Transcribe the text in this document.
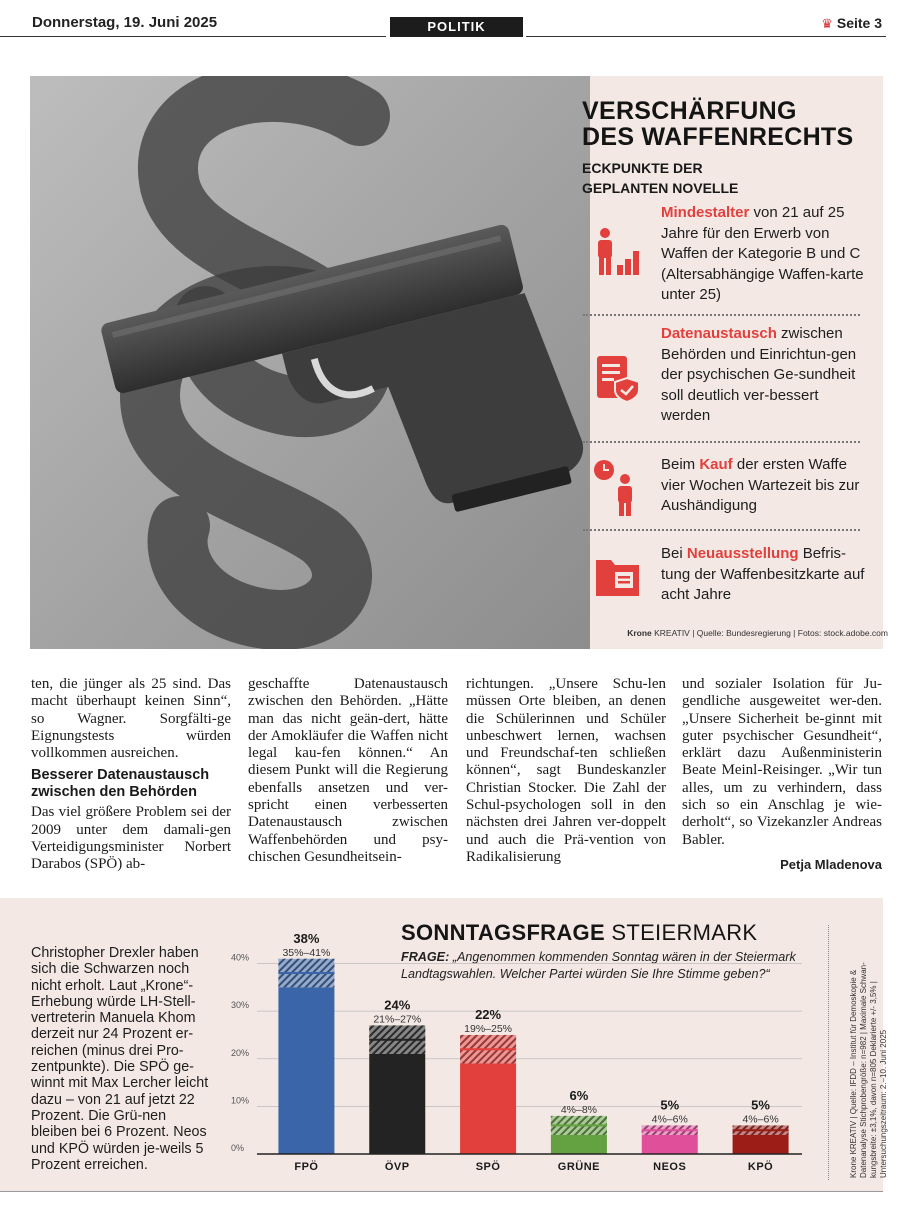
Donnerstag, 19. Juni 2025	POLITIK	♛ Seite 3
VERSCHÄRFUNG
DES WAFFENRECHTS
ECKPUNKTE DER
GEPLANTEN NOVELLE
Mindestalter von 21 auf 25 Jahre für den Erwerb von Waffen der Kategorie B und C (Altersabhängige Waffen-karte unter 25)
Datenaustausch zwischen Behörden und Einrichtun-gen der psychischen Ge-sundheit soll deutlich ver-bessert werden
Beim Kauf der ersten Waffe vier Wochen Wartezeit bis zur Aushändigung
Bei Neuausstellung Befris-tung der Waffenbesitzkarte auf acht Jahre
Krone KREATIV | Quelle: Bundesregierung | Fotos: stock.adobe.com

ten, die jünger als 25 sind. Das macht überhaupt keinen Sinn“, so Wagner. Sorgfälti-ge Eignungstests würden vollkommen ausreichen.

Besserer Datenaustausch zwischen den Behörden

Das viel größere Problem sei der 2009 unter dem damali-gen Verteidigungsminister Norbert Darabos (SPÖ) ab-

geschaffte Datenaustausch zwischen den Behörden. „Hätte man das nicht geän-dert, hätte der Amokläufer die Waffen nicht legal kau-fen können.“ An diesem Punkt will die Regierung ebenfalls ansetzen und ver-spricht einen verbesserten Datenaustausch zwischen Waffenbehörden und psy-chischen Gesundheitsein-

richtungen. „Unsere Schu-len müssen Orte bleiben, an denen die Schülerinnen und Schüler unbeschwert lernen, wachsen und Freundschaf-ten schließen können“, sagt Bundeskanzler Christian Stocker. Die Zahl der Schul-psychologen soll in den nächsten drei Jahren ver-doppelt und auch die Prä-vention von Radikalisierung

und sozialer Isolation für Ju-gendliche ausgeweitet wer-den. „Unsere Sicherheit be-ginnt mit guter psychischer Gesundheit“, erklärt dazu Außenministerin Beate Meinl-Reisinger. „Wir tun alles, um zu verhindern, dass sich so ein Anschlag je wie-derholt“, so Vizekanzler Andreas Babler.

Petja Mladenova
Christopher Drexler haben sich die Schwarzen noch nicht erholt. Laut „Krone“-Erhebung würde LH-Stell-vertreterin Manuela Khom derzeit nur 24 Prozent er-reichen (minus drei Pro-zentpunkte). Die SPÖ ge-winnt mit Max Lercher leicht dazu – von 21 auf jetzt 22 Prozent. Die Grü-nen bleiben bei 6 Prozent. Neos und KPÖ würden je-weils 5 Prozent erreichen.
SONNTAGSFRAGE STEIERMARK
FRAGE: „Angenommen kommenden Sonntag wären in der Steiermark Landtagswahlen. Welcher Partei würden Sie Ihre Stimme geben?“
0%
10%
20%
30%
40%
38%
35%–41%
FPÖ
24%
21%–27%
ÖVP
22%
19%–25%
SPÖ
6%
4%–8%
GRÜNE
5%
4%–6%
NEOS
5%
4%–6%
KPÖ	Krone KREATIV | Quelle: IFDD – Institut für Demoskopie & Datenanalyse Stichprobengröße: n=982 | Maximale Schwan-kungsbreite: ±3,1%, davon n=805 Deklarierte +/- 3,5% | Untersuchungszeitraum: 2.–10. Juni 2025
